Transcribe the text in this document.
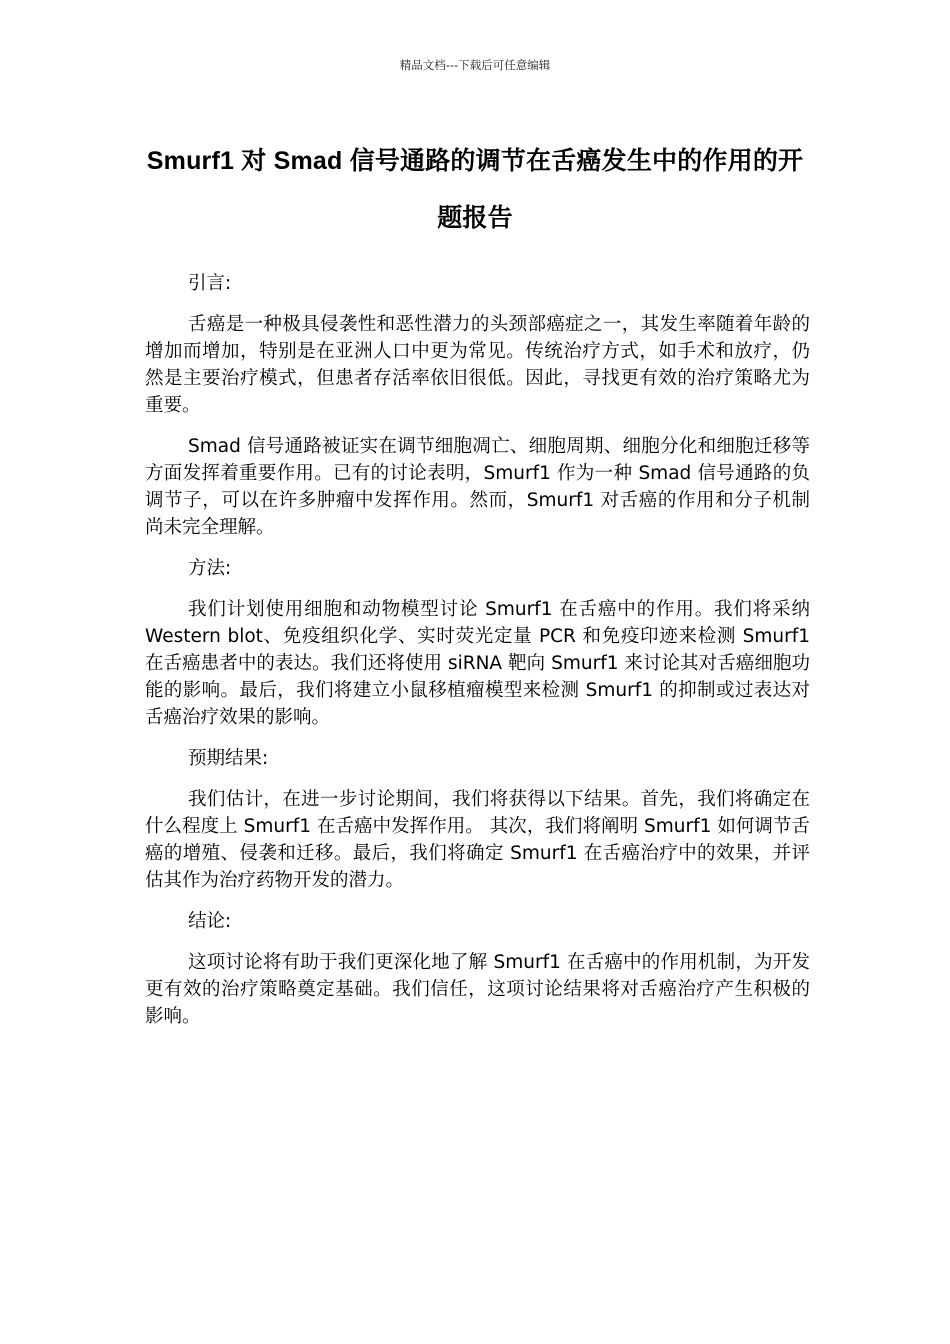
精品文档---下载后可任意编辑
Smurf1 对 Smad 信号通路的调节在舌癌发生中的作用的开题报告

引言:

舌癌是一种极具侵袭性和恶性潜力的头颈部癌症之一，其发生率随着年龄的增加而增加，特别是在亚洲人口中更为常见。传统治疗方式，如手术和放疗，仍然是主要治疗模式，但患者存活率依旧很低。因此，寻找更有效的治疗策略尤为重要。

Smad 信号通路被证实在调节细胞凋亡、细胞周期、细胞分化和细胞迁移等方面发挥着重要作用。已有的讨论表明，Smurf1 作为一种 Smad 信号通路的负调节子，可以在许多肿瘤中发挥作用。然而，Smurf1 对舌癌的作用和分子机制尚未完全理解。

方法:

我们计划使用细胞和动物模型讨论 Smurf1 在舌癌中的作用。我们将采纳 Western blot、免疫组织化学、实时荧光定量 PCR 和免疫印迹来检测 Smurf1 在舌癌患者中的表达。我们还将使用 siRNA 靶向 Smurf1 来讨论其对舌癌细胞功能的影响。最后，我们将建立小鼠移植瘤模型来检测 Smurf1 的抑制或过表达对舌癌治疗效果的影响。

预期结果:

我们估计，在进一步讨论期间，我们将获得以下结果。首先，我们将确定在什么程度上 Smurf1 在舌癌中发挥作用。 其次，我们将阐明 Smurf1 如何调节舌癌的增殖、侵袭和迁移。最后，我们将确定 Smurf1 在舌癌治疗中的效果，并评估其作为治疗药物开发的潜力。

结论:

这项讨论将有助于我们更深化地了解 Smurf1 在舌癌中的作用机制，为开发更有效的治疗策略奠定基础。我们信任，这项讨论结果将对舌癌治疗产生积极的影响。
